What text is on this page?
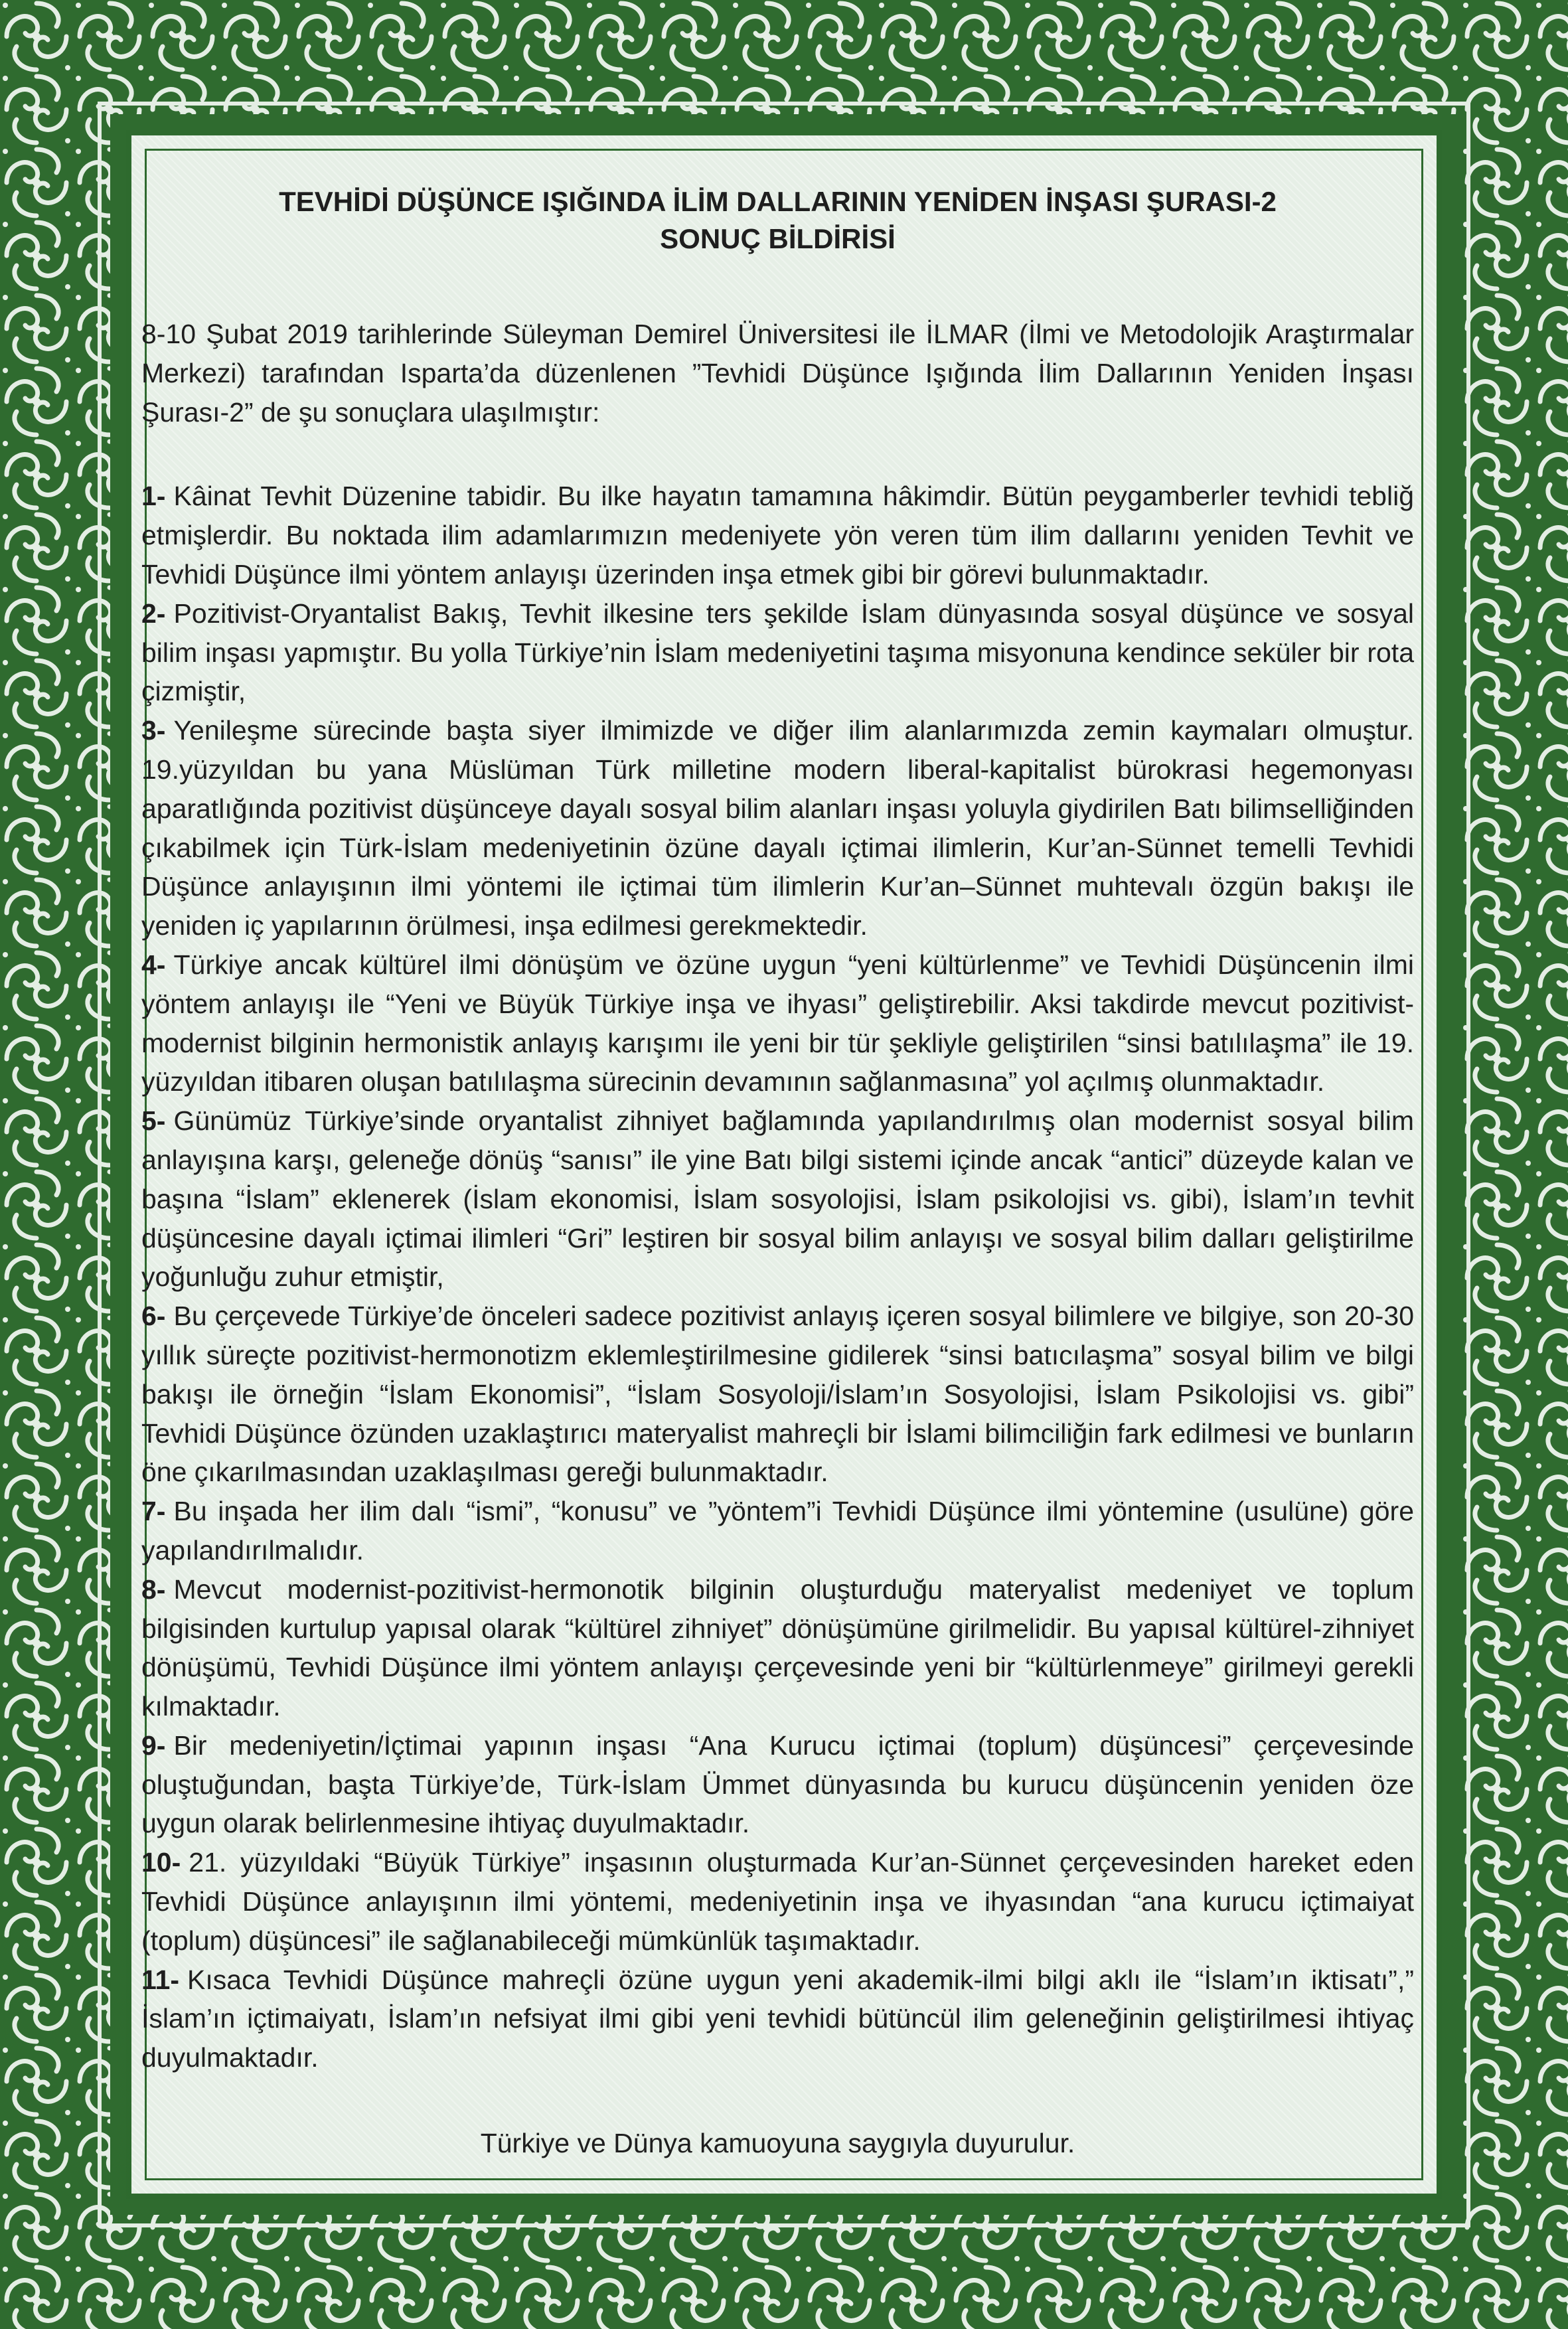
TEVHİDİ DÜŞÜNCE IŞIĞINDA İLİM DALLARININ YENİDEN İNŞASI ŞURASI-2
SONUÇ BİLDİRİSİ

8-10 Şubat 2019 tarihlerinde Süleyman Demirel Üniversitesi ile İLMAR (İlmi ve Metodolojik Araştırmalar Merkezi) tarafından Isparta’da düzenlenen ”Tevhidi Düşünce Işığında İlim Dallarının Yeniden İnşası Şurası-2” de şu sonuçlara ulaşılmıştır:

1- Kâinat Tevhit Düzenine tabidir. Bu ilke hayatın tamamına hâkimdir. Bütün peygamberler tevhidi tebliğ etmişlerdir. Bu noktada ilim adamlarımızın medeniyete yön veren tüm ilim dallarını yeniden Tevhit ve Tevhidi Düşünce ilmi yöntem anlayışı üzerinden inşa etmek gibi bir görevi bulunmaktadır.

2- Pozitivist-Oryantalist Bakış, Tevhit ilkesine ters şekilde İslam dünyasında sosyal düşünce ve sosyal bilim inşası yapmıştır. Bu yolla Türkiye’nin İslam medeniyetini taşıma misyonuna kendince seküler bir rota çizmiştir,

3- Yenileşme sürecinde başta siyer ilmimizde ve diğer ilim alanlarımızda zemin kaymaları olmuştur. 19.yüzyıldan bu yana Müslüman Türk milletine modern liberal-kapitalist bürokrasi hegemonyası aparatlığında pozitivist düşünceye dayalı sosyal bilim alanları inşası yoluyla giydirilen Batı bilimselliğinden çıkabilmek için Türk-İslam medeniyetinin özüne dayalı içtimai ilimlerin, Kur’an-Sünnet temelli Tevhidi Düşünce anlayışının ilmi yöntemi ile içtimai tüm ilimlerin Kur’an–Sünnet muhtevalı özgün bakışı ile yeniden iç yapılarının örülmesi, inşa edilmesi gerekmektedir.

4- Türkiye ancak kültürel ilmi dönüşüm ve özüne uygun “yeni kültürlenme” ve Tevhidi Düşüncenin ilmi yöntem anlayışı ile “Yeni ve Büyük Türkiye inşa ve ihyası” geliştirebilir. Aksi takdirde mevcut pozitivist-modernist bilginin hermonistik anlayış karışımı ile yeni bir tür şekliyle geliştirilen “sinsi batılılaşma” ile 19. yüzyıldan itibaren oluşan batılılaşma sürecinin devamının sağlanmasına” yol açılmış olunmaktadır.

5- Günümüz Türkiye’sinde oryantalist zihniyet bağlamında yapılandırılmış olan modernist sosyal bilim anlayışına karşı, geleneğe dönüş “sanısı” ile yine Batı bilgi sistemi içinde ancak “antici” düzeyde kalan ve başına “İslam” eklenerek (İslam ekonomisi, İslam sosyolojisi, İslam psikolojisi vs. gibi), İslam’ın tevhit düşüncesine dayalı içtimai ilimleri “Gri” leştiren bir sosyal bilim anlayışı ve sosyal bilim dalları geliştirilme yoğunluğu zuhur etmiştir,

6- Bu çerçevede Türkiye’de önceleri sadece pozitivist anlayış içeren sosyal bilimlere ve bilgiye, son 20-30 yıllık süreçte pozitivist-hermonotizm eklemleştirilmesine gidilerek “sinsi batıcılaşma” sosyal bilim ve bilgi bakışı ile örneğin “İslam Ekonomisi”, “İslam Sosyoloji/İslam’ın Sosyolojisi, İslam Psikolojisi vs. gibi” Tevhidi Düşünce özünden uzaklaştırıcı materyalist mahreçli bir İslami bilimciliğin fark edilmesi ve bunların öne çıkarılmasından uzaklaşılması gereği bulunmaktadır.

7- Bu inşada her ilim dalı “ismi”, “konusu” ve ”yöntem”i Tevhidi Düşünce ilmi yöntemine (usulüne) göre yapılandırılmalıdır.

8- Mevcut modernist-pozitivist-hermonotik bilginin oluşturduğu materyalist medeniyet ve toplum bilgisinden kurtulup yapısal olarak “kültürel zihniyet” dönüşümüne girilmelidir. Bu yapısal kültürel-zihniyet dönüşümü, Tevhidi Düşünce ilmi yöntem anlayışı çerçevesinde yeni bir “kültürlenmeye” girilmeyi gerekli kılmaktadır.

9- Bir medeniyetin/İçtimai yapının inşası “Ana Kurucu içtimai (toplum) düşüncesi” çerçevesinde oluştuğundan, başta Türkiye’de, Türk-İslam Ümmet dünyasında bu kurucu düşüncenin yeniden öze uygun olarak belirlenmesine ihtiyaç duyulmaktadır.

10- 21. yüzyıldaki “Büyük Türkiye” inşasının oluşturmada Kur’an-Sünnet çerçevesinden hareket eden Tevhidi Düşünce anlayışının ilmi yöntemi, medeniyetinin inşa ve ihyasından “ana kurucu içtimaiyat (toplum) düşüncesi” ile sağlanabileceği mümkünlük taşımaktadır.

11- Kısaca Tevhidi Düşünce mahreçli özüne uygun yeni akademik-ilmi bilgi aklı ile “İslam’ın iktisatı”,” İslam’ın içtimaiyatı, İslam’ın nefsiyat ilmi gibi yeni tevhidi bütüncül ilim geleneğinin geliştirilmesi ihtiyaç duyulmaktadır.

Türkiye ve Dünya kamuoyuna saygıyla duyurulur.
